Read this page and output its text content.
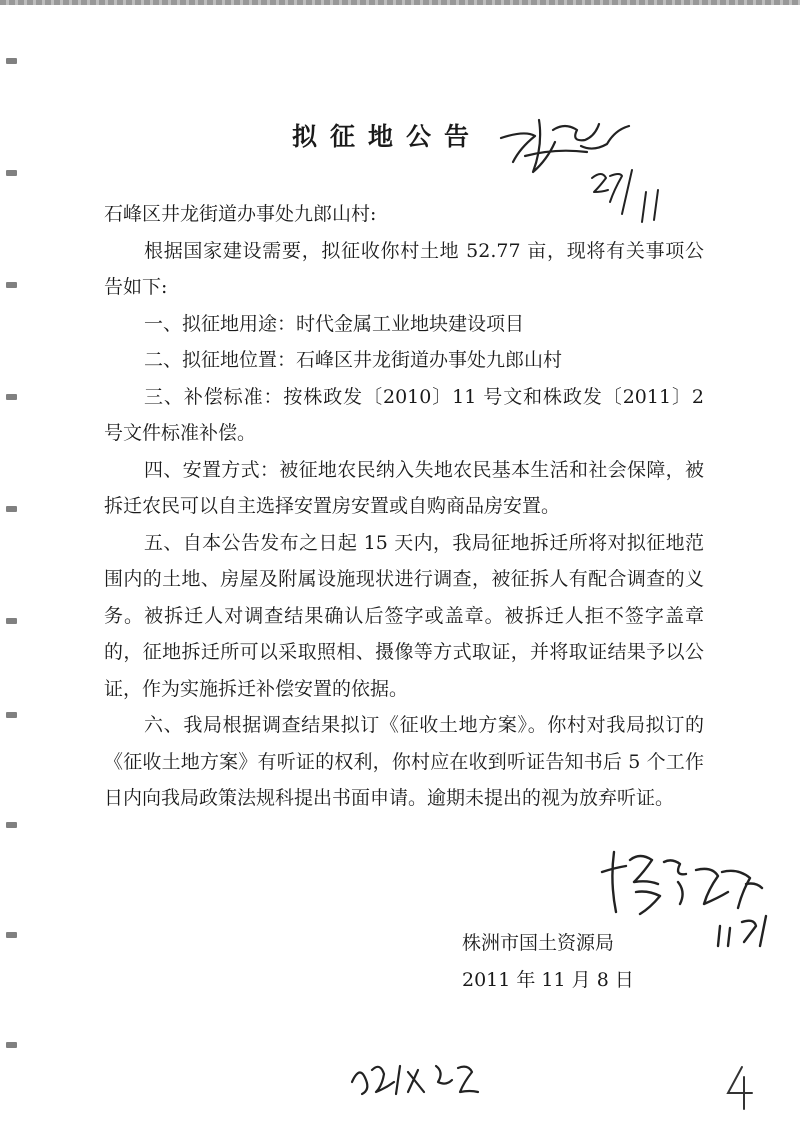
拟征地公告

石峰区井龙街道办事处九郎山村:

根据国家建设需要，拟征收你村土地 52.77 亩，现将有关事项公告如下:

一、拟征地用途：时代金属工业地块建设项目

二、拟征地位置：石峰区井龙街道办事处九郎山村

三、补偿标准：按株政发〔2010〕11 号文和株政发〔2011〕2 号文件标准补偿。

四、安置方式：被征地农民纳入失地农民基本生活和社会保障，被拆迁农民可以自主选择安置房安置或自购商品房安置。

五、自本公告发布之日起 15 天内，我局征地拆迁所将对拟征地范围内的土地、房屋及附属设施现状进行调查，被征拆人有配合调查的义务。被拆迁人对调查结果确认后签字或盖章。被拆迁人拒不签字盖章的，征地拆迁所可以采取照相、摄像等方式取证，并将取证结果予以公证，作为实施拆迁补偿安置的依据。

六、我局根据调查结果拟订《征收土地方案》。你村对我局拟订的《征收土地方案》有听证的权利，你村应在收到听证告知书后 5 个工作日内向我局政策法规科提出书面申请。逾期未提出的视为放弃听证。

株洲市国土资源局
2011 年 11 月 8 日
